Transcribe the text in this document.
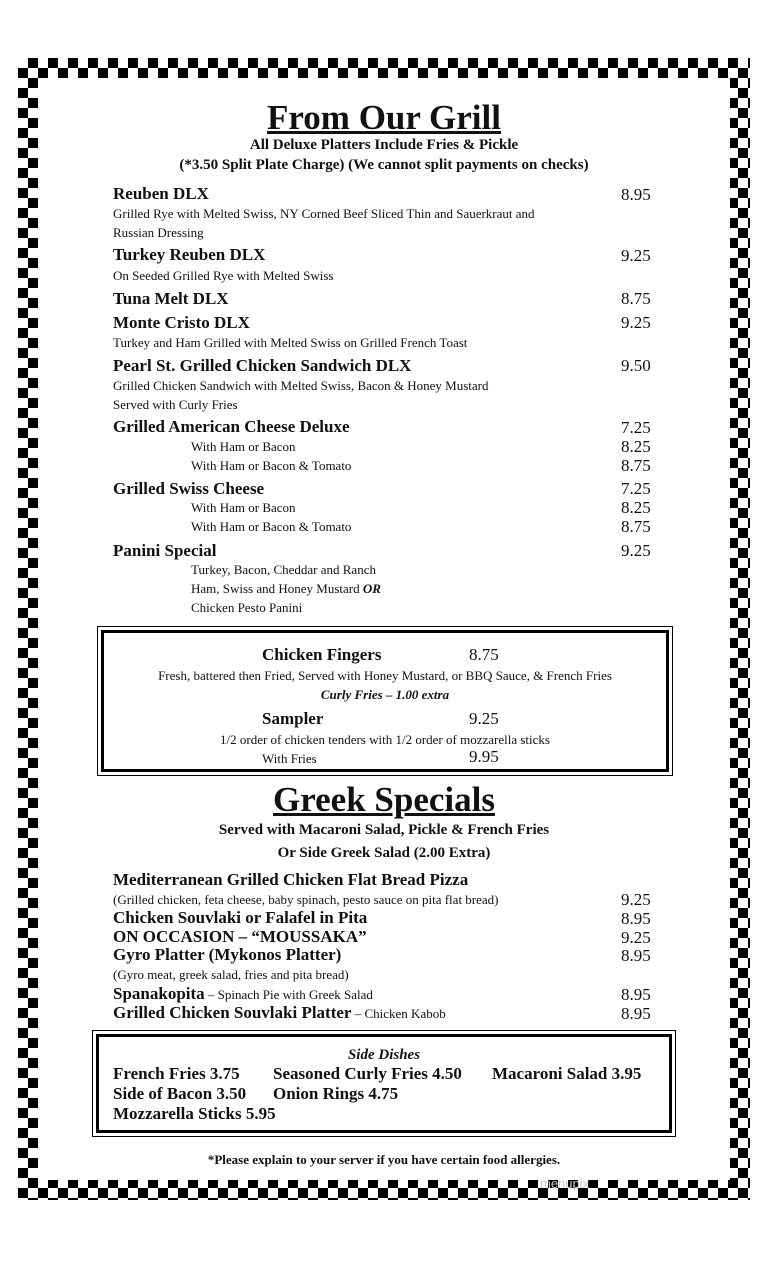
From Our Grill
All Deluxe Platters Include Fries & Pickle
(*3.50 Split Plate Charge) (We cannot split payments on checks)
Reuben DLX	8.95
Grilled Rye with Melted Swiss, NY Corned Beef Sliced Thin and Sauerkraut and
Russian Dressing
Turkey Reuben DLX	9.25
On Seeded Grilled Rye with Melted Swiss
Tuna Melt DLX	8.75
Monte Cristo DLX	9.25
Turkey and Ham Grilled with Melted Swiss on Grilled French Toast
Pearl St. Grilled Chicken Sandwich DLX	9.50
Grilled Chicken Sandwich with Melted Swiss, Bacon & Honey Mustard
Served with Curly Fries
Grilled American Cheese Deluxe	7.25
With Ham or Bacon	8.25
With Ham or Bacon & Tomato	8.75
Grilled Swiss Cheese	7.25
With Ham or Bacon	8.25
With Ham or Bacon & Tomato	8.75
Panini Special	9.25
Turkey, Bacon, Cheddar and Ranch
Ham, Swiss and Honey Mustard OR
Chicken Pesto Panini
Chicken Fingers	8.75
Fresh, battered then Fried, Served with Honey Mustard, or BBQ Sauce, & French Fries
Curly Fries – 1.00 extra
Sampler	9.25
1/2 order of chicken tenders with 1/2 order of mozzarella sticks
With Fries	9.95
Greek Specials
Served with Macaroni Salad, Pickle & French Fries
Or Side Greek Salad (2.00 Extra)
Mediterranean Grilled Chicken Flat Bread Pizza
(Grilled chicken, feta cheese, baby spinach, pesto sauce on pita flat bread)	9.25
Chicken Souvlaki or Falafel in Pita	8.95
ON OCCASION – “MOUSSAKA”	9.25
Gyro Platter (Mykonos Platter)	8.95
(Gyro meat, greek salad, fries and pita bread)
Spanakopita – Spinach Pie with Greek Salad	8.95
Grilled Chicken Souvlaki Platter – Chicken Kabob	8.95
Side Dishes
French Fries 3.75 Seasoned Curly Fries 4.50 Macaroni Salad 3.95
Side of Bacon 3.50 Onion Rings 4.75
Mozzarella Sticks 5.95
*Please explain to your server if you have certain food allergies.
menupix
